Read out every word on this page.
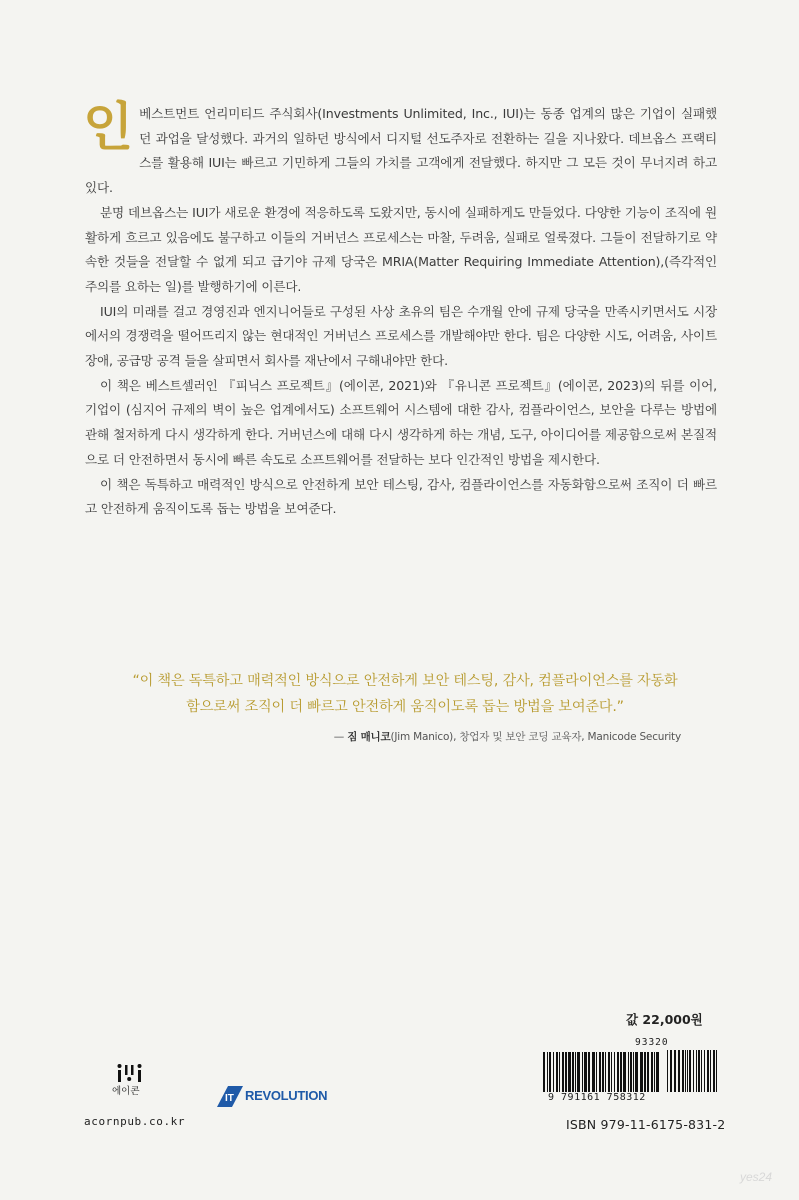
인베스트먼트 언리미티드 주식회사(Investments Unlimited, Inc., IUI)는 동종 업계의 많은 기업이 실패했던 과업을 달성했다. 과거의 일하던 방식에서 디지털 선도주자로 전환하는 길을 지나왔다. 데브옵스 프랙티스를 활용해 IUI는 빠르고 기민하게 그들의 가치를 고객에게 전달했다. 하지만 그 모든 것이 무너지려 하고 있다.

분명 데브옵스는 IUI가 새로운 환경에 적응하도록 도왔지만, 동시에 실패하게도 만들었다. 다양한 기능이 조직에 원활하게 흐르고 있음에도 불구하고 이들의 거버넌스 프로세스는 마찰, 두려움, 실패로 얼룩졌다. 그들이 전달하기로 약속한 것들을 전달할 수 없게 되고 급기야 규제 당국은 MRIA(Matter Requiring Immediate Attention),(즉각적인 주의를 요하는 일)를 발행하기에 이른다.

IUI의 미래를 걸고 경영진과 엔지니어들로 구성된 사상 초유의 팀은 수개월 안에 규제 당국을 만족시키면서도 시장에서의 경쟁력을 떨어뜨리지 않는 현대적인 거버넌스 프로세스를 개발해야만 한다. 팀은 다양한 시도, 어려움, 사이트 장애, 공급망 공격 들을 살피면서 회사를 재난에서 구해내야만 한다.

이 책은 베스트셀러인 『피닉스 프로젝트』(에이콘, 2021)와 『유니콘 프로젝트』(에이콘, 2023)의 뒤를 이어, 기업이 (심지어 규제의 벽이 높은 업계에서도) 소프트웨어 시스템에 대한 감사, 컴플라이언스, 보안을 다루는 방법에 관해 철저하게 다시 생각하게 한다. 거버넌스에 대해 다시 생각하게 하는 개념, 도구, 아이디어를 제공함으로써 본질적으로 더 안전하면서 동시에 빠른 속도로 소프트웨어를 전달하는 보다 인간적인 방법을 제시한다.

이 책은 독특하고 매력적인 방식으로 안전하게 보안 테스팅, 감사, 컴플라이언스를 자동화함으로써 조직이 더 빠르고 안전하게 움직이도록 돕는 방법을 보여준다.

“이 책은 독특하고 매력적인 방식으로 안전하게 보안 테스팅, 감사, 컴플라이언스를 자동화

함으로써 조직이 더 빠르고 안전하게 움직이도록 돕는 방법을 보여준다.”

— 짐 매니코(Jim Manico), 창업자 및 보안 코딩 교육자, Manicode Security
값 22,000원
93320
9 791161 758312
ISBN 979-11-6175-831-2
에이콘
acornpub.co.kr
IT REVOLUTION
yes24
